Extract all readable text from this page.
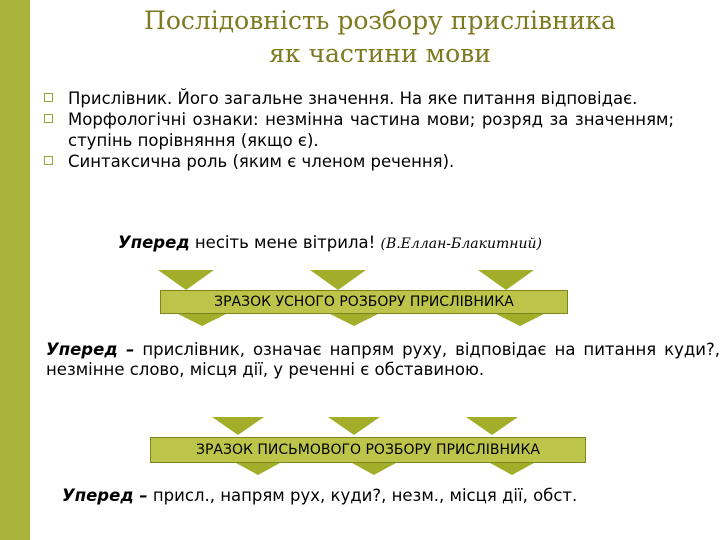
Послідовність розбору прислівника
як частини мови
Прислівник. Його загальне значення. На яке питання відповідає.
Морфологічні ознаки: незмінна частина мови; розряд за значенням; ступінь порівняння (якщо є).
Синтаксична роль (яким є членом речення).
Уперед несіть мене вітрила! (В.Еллан-Блакитний)
ЗРАЗОК УСНОГО РОЗБОРУ ПРИСЛІВНИКА
Уперед – прислівник, означає напрям руху, відповідає на питання куди?, незмінне слово, місця дії, у реченні є обставиною.
ЗРАЗОК ПИСЬМОВОГО РОЗБОРУ ПРИСЛІВНИКА
Уперед – присл., напрям рух, куди?, незм., місця дії, обст.
